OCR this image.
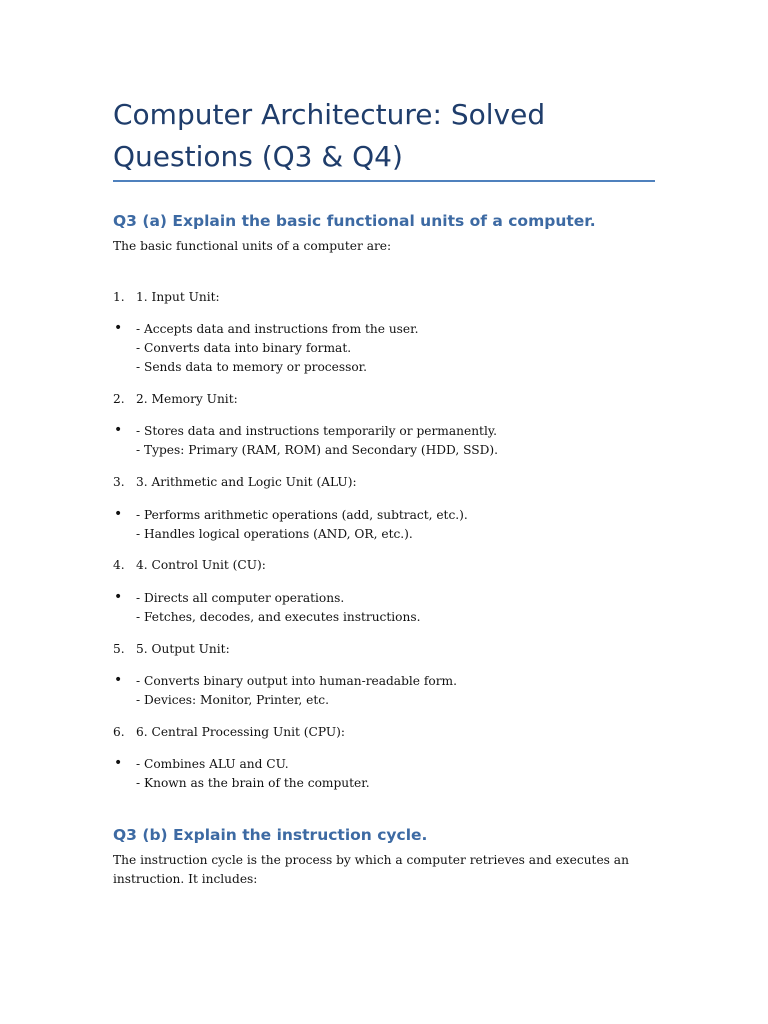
Computer Architecture: Solved Questions (Q3 & Q4)
Q3 (a) Explain the basic functional units of a computer.

The basic functional units of a computer are:

1. 1. Input Unit:
• - Accepts data and instructions from the user.
- Converts data into binary format.
- Sends data to memory or processor.
2. 2. Memory Unit:
• - Stores data and instructions temporarily or permanently.
- Types: Primary (RAM, ROM) and Secondary (HDD, SSD).
3. 3. Arithmetic and Logic Unit (ALU):
• - Performs arithmetic operations (add, subtract, etc.).
- Handles logical operations (AND, OR, etc.).
4. 4. Control Unit (CU):
• - Directs all computer operations.
- Fetches, decodes, and executes instructions.
5. 5. Output Unit:
• - Converts binary output into human-readable form.
- Devices: Monitor, Printer, etc.
6. 6. Central Processing Unit (CPU):
• - Combines ALU and CU.
- Known as the brain of the computer.
Q3 (b) Explain the instruction cycle.

The instruction cycle is the process by which a computer retrieves and executes an instruction. It includes:
